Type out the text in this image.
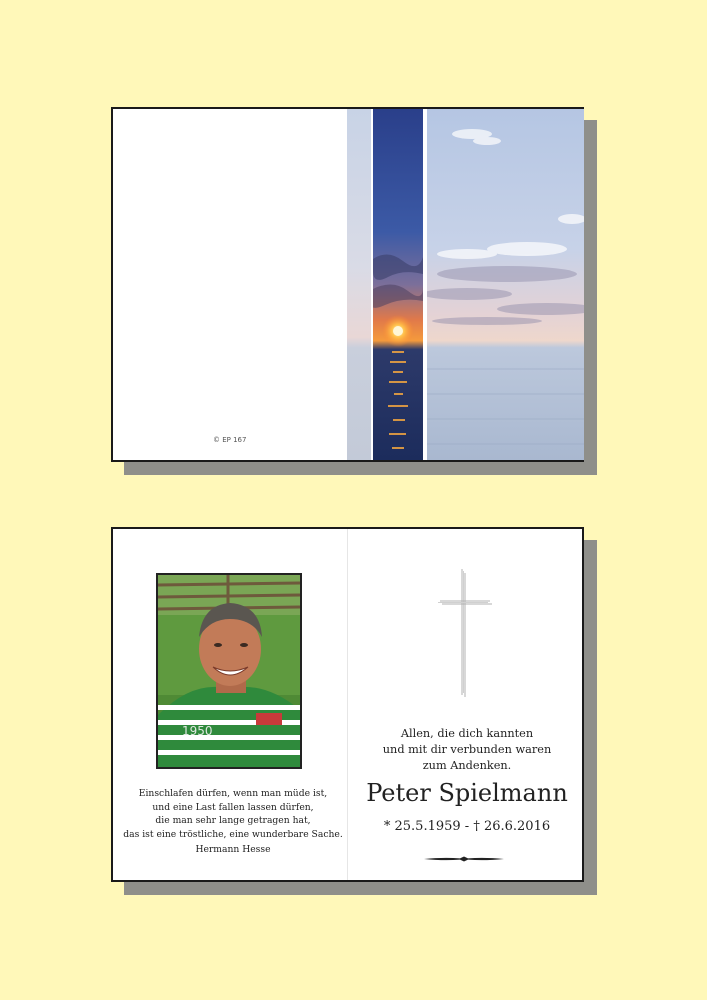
© EP 167
1950
Einschlafen dürfen, wenn man müde ist,
und eine Last fallen lassen dürfen,
die man sehr lange getragen hat,
das ist eine tröstliche, eine wunderbare Sache.
Hermann Hesse
Allen, die dich kannten
und mit dir verbunden waren
zum Andenken.
Peter Spielmann
* 25.5.1959 - † 26.6.2016
